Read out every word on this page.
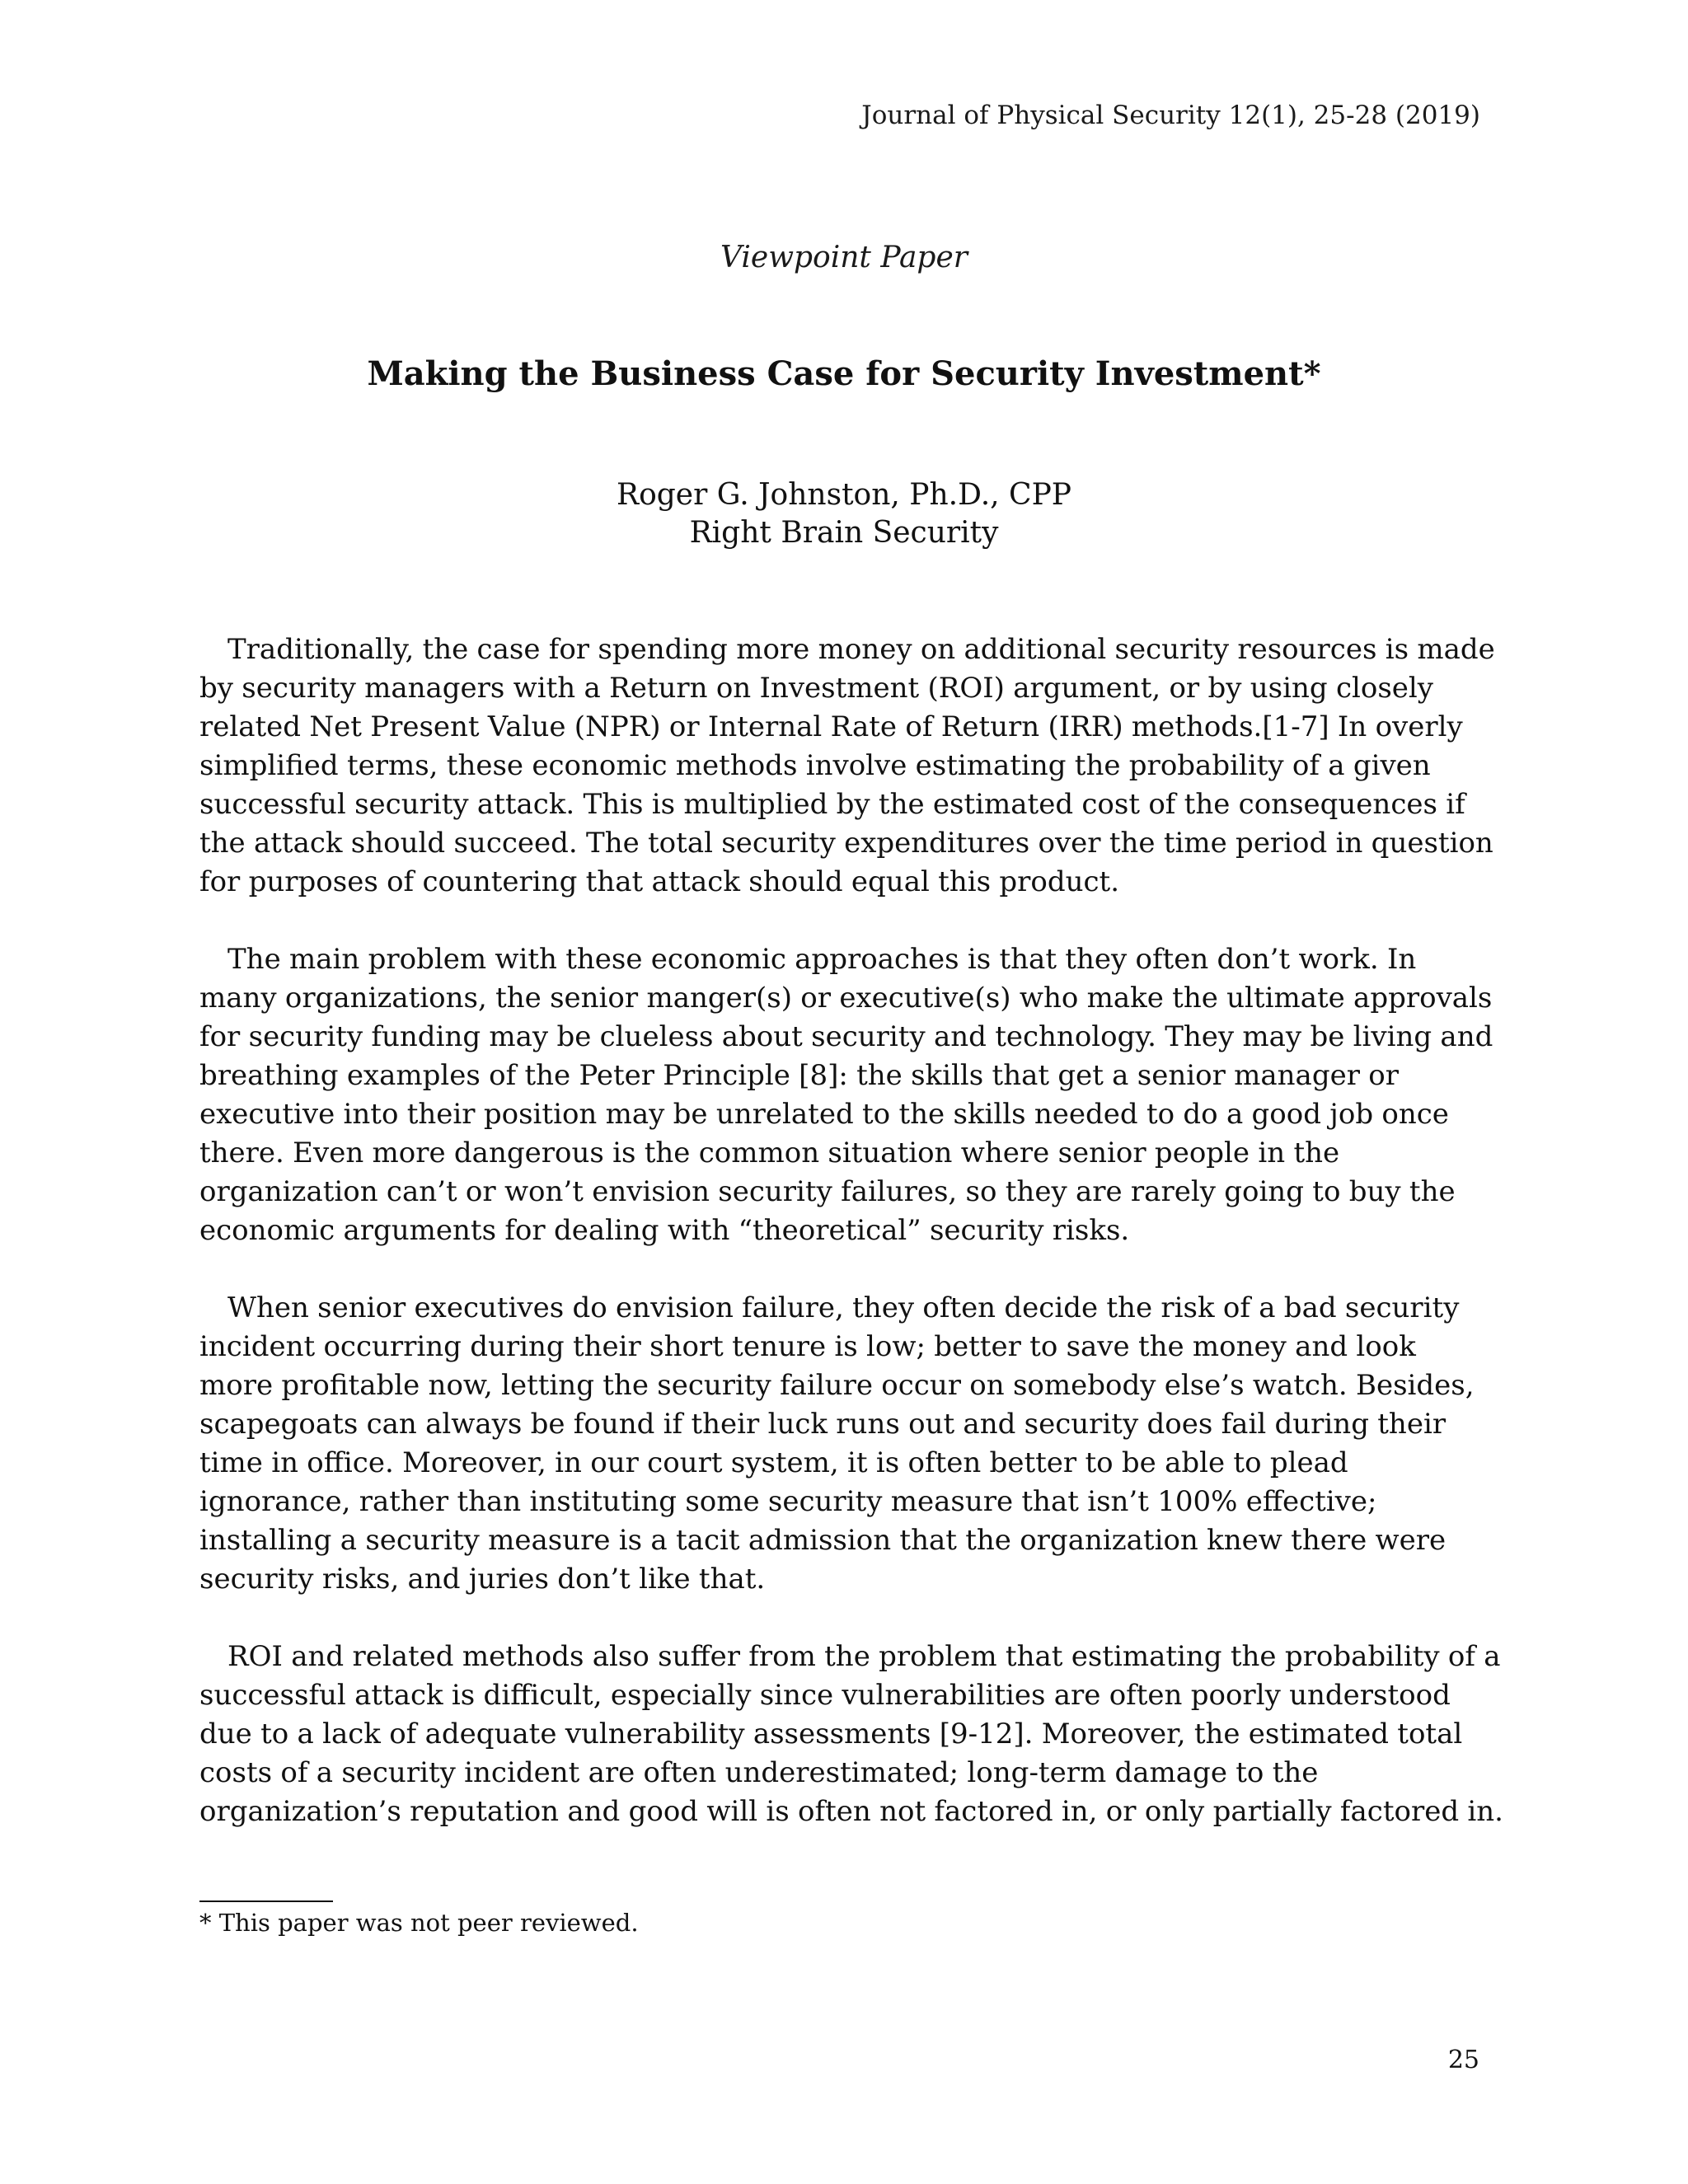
Journal of Physical Security 12(1), 25-28 (2019)
Viewpoint Paper
Making the Business Case for Security Investment*
Roger G. Johnston, Ph.D., CPP
Right Brain Security

Traditionally, the case for spending more money on additional security resources is made
by security managers with a Return on Investment (ROI) argument, or by using closely
related Net Present Value (NPR) or Internal Rate of Return (IRR) methods.[1-7] In overly
simplified terms, these economic methods involve estimating the probability of a given
successful security attack. This is multiplied by the estimated cost of the consequences if
the attack should succeed. The total security expenditures over the time period in question
for purposes of countering that attack should equal this product.

The main problem with these economic approaches is that they often don’t work. In
many organizations, the senior manger(s) or executive(s) who make the ultimate approvals
for security funding may be clueless about security and technology. They may be living and
breathing examples of the Peter Principle [8]: the skills that get a senior manager or
executive into their position may be unrelated to the skills needed to do a good job once
there. Even more dangerous is the common situation where senior people in the
organization can’t or won’t envision security failures, so they are rarely going to buy the
economic arguments for dealing with “theoretical” security risks.

When senior executives do envision failure, they often decide the risk of a bad security
incident occurring during their short tenure is low; better to save the money and look
more profitable now, letting the security failure occur on somebody else’s watch. Besides,
scapegoats can always be found if their luck runs out and security does fail during their
time in office. Moreover, in our court system, it is often better to be able to plead
ignorance, rather than instituting some security measure that isn’t 100% effective;
installing a security measure is a tacit admission that the organization knew there were
security risks, and juries don’t like that.

ROI and related methods also suffer from the problem that estimating the probability of a
successful attack is difficult, especially since vulnerabilities are often poorly understood
due to a lack of adequate vulnerability assessments [9-12]. Moreover, the estimated total
costs of a security incident are often underestimated; long-term damage to the
organization’s reputation and good will is often not factored in, or only partially factored in.

* This paper was not peer reviewed.
25
